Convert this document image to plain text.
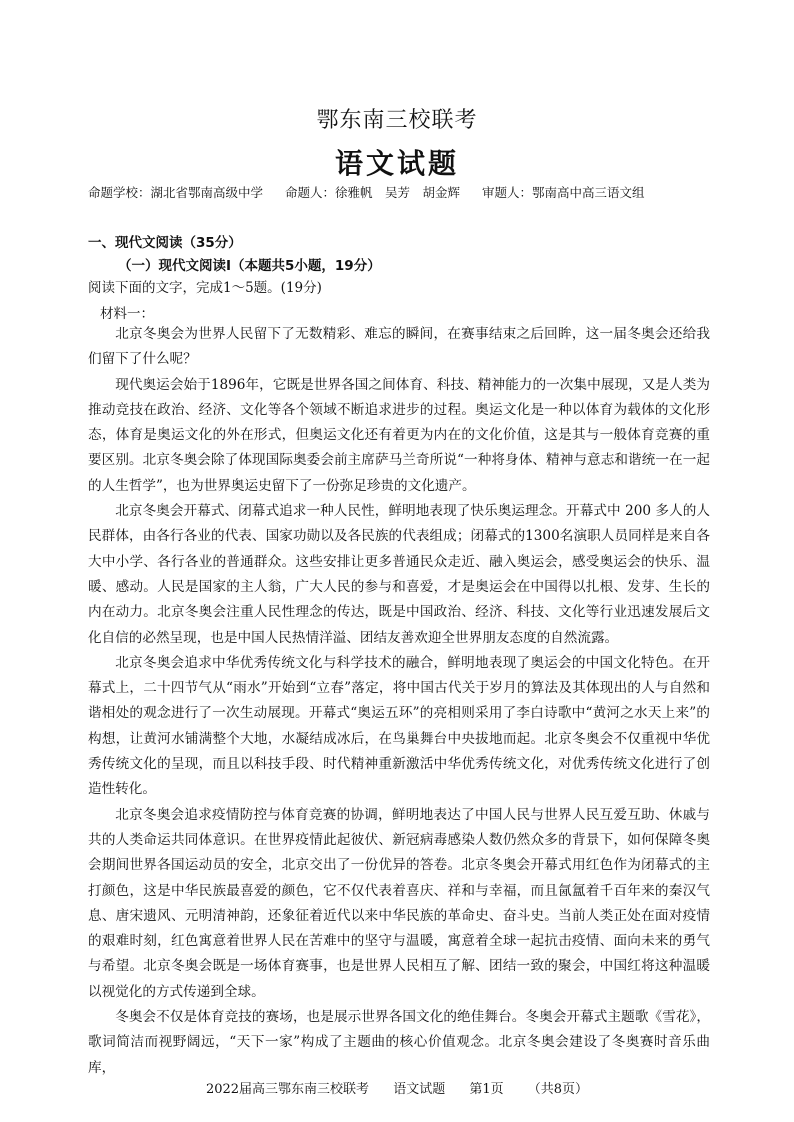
鄂东南三校联考
语文试题
命题学校：湖北省鄂南高级中学 命题人：徐雅帆　吴芳　胡金辉 审题人：鄂南高中高三语文组
一、现代文阅读（35分）
（一）现代文阅读Ⅰ（本题共5小题，19分）
阅读下面的文字，完成1～5题。(19分)
材料一：

北京冬奥会为世界人民留下了无数精彩、难忘的瞬间，在赛事结束之后回眸，这一届冬奥会还给我们留下了什么呢？

现代奥运会始于1896年，它既是世界各国之间体育、科技、精神能力的一次集中展现，又是人类为推动竞技在政治、经济、文化等各个领域不断追求进步的过程。奥运文化是一种以体育为载体的文化形态，体育是奥运文化的外在形式，但奥运文化还有着更为内在的文化价值，这是其与一般体育竞赛的重要区别。北京冬奥会除了体现国际奥委会前主席萨马兰奇所说“一种将身体、精神与意志和谐统一在一起的人生哲学”，也为世界奥运史留下了一份弥足珍贵的文化遗产。

北京冬奥会开幕式、闭幕式追求一种人民性，鲜明地表现了快乐奥运理念。开幕式中 200 多人的人民群体，由各行各业的代表、国家功勋以及各民族的代表组成；闭幕式的1300名演职人员同样是来自各大中小学、各行各业的普通群众。这些安排让更多普通民众走近、融入奥运会，感受奥运会的快乐、温暖、感动。人民是国家的主人翁，广大人民的参与和喜爱，才是奥运会在中国得以扎根、发芽、生长的内在动力。北京冬奥会注重人民性理念的传达，既是中国政治、经济、科技、文化等行业迅速发展后文化自信的必然呈现，也是中国人民热情洋溢、团结友善欢迎全世界朋友态度的自然流露。

北京冬奥会追求中华优秀传统文化与科学技术的融合，鲜明地表现了奥运会的中国文化特色。在开幕式上，二十四节气从“雨水”开始到“立春”落定，将中国古代关于岁月的算法及其体现出的人与自然和谐相处的观念进行了一次生动展现。开幕式“奥运五环”的亮相则采用了李白诗歌中“黄河之水天上来”的构想，让黄河水铺满整个大地，水凝结成冰后，在鸟巢舞台中央拔地而起。北京冬奥会不仅重视中华优秀传统文化的呈现，而且以科技手段、时代精神重新激活中华优秀传统文化，对优秀传统文化进行了创造性转化。

北京冬奥会追求疫情防控与体育竞赛的协调，鲜明地表达了中国人民与世界人民互爱互助、休戚与共的人类命运共同体意识。在世界疫情此起彼伏、新冠病毒感染人数仍然众多的背景下，如何保障冬奥会期间世界各国运动员的安全，北京交出了一份优异的答卷。北京冬奥会开幕式用红色作为闭幕式的主打颜色，这是中华民族最喜爱的颜色，它不仅代表着喜庆、祥和与幸福，而且氤氲着千百年来的秦汉气息、唐宋遗风、元明清神韵，还象征着近代以来中华民族的革命史、奋斗史。当前人类正处在面对疫情的艰难时刻，红色寓意着世界人民在苦难中的坚守与温暖，寓意着全球一起抗击疫情、面向未来的勇气与希望。北京冬奥会既是一场体育赛事，也是世界人民相互了解、团结一致的聚会，中国红将这种温暖以视觉化的方式传递到全球。

冬奥会不仅是体育竞技的赛场，也是展示世界各国文化的绝佳舞台。冬奥会开幕式主题歌《雪花》，歌词简洁而视野阔远，“天下一家”构成了主题曲的核心价值观念。北京冬奥会建设了冬奥赛时音乐曲库，

2022届高三鄂东南三校联考 语文试题 第1页 （共8页）
